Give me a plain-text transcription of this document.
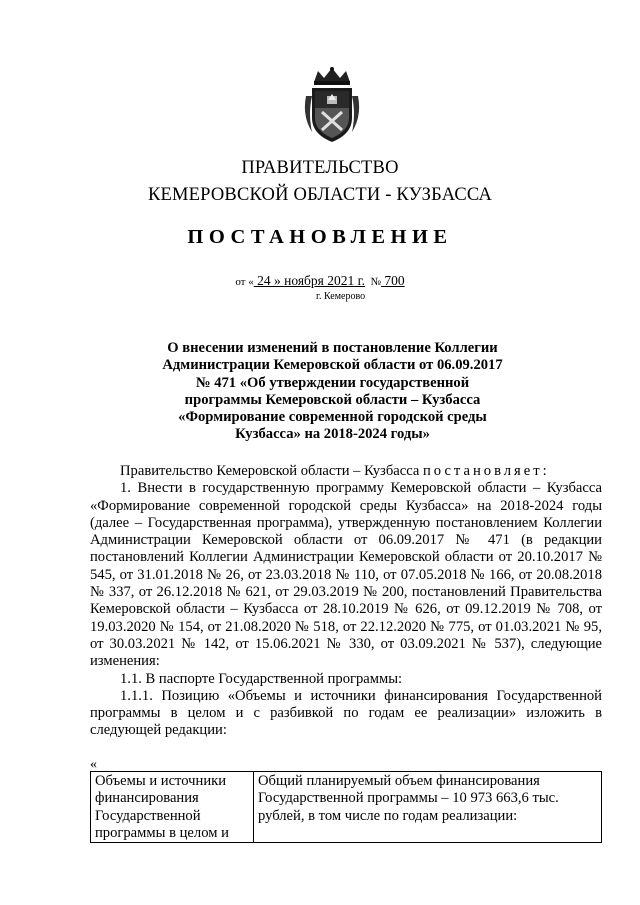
ПРАВИТЕЛЬСТВО
КЕМЕРОВСКОЙ ОБЛАСТИ - КУЗБАССА
ПОСТАНОВЛЕНИЕ
от « 24 » ноября 2021 г. № 700
г. Кемерово
О внесении изменений в постановление Коллегии Администрации Кемеровской области от 06.09.2017 № 471 «Об утверждении государственной программы Кемеровской области – Кузбасса «Формирование современной городской среды Кузбасса» на 2018-2024 годы»

Правительство Кемеровской области – Кузбасса постановляет:

1. Внести в государственную программу Кемеровской области – Кузбасса «Формирование современной городской среды Кузбасса» на 2018-2024 годы (далее – Государственная программа), утвержденную постановлением Коллегии Администрации Кемеровской области от 06.09.2017 № 471 (в редакции постановлений Коллегии Администрации Кемеровской области от 20.10.2017 № 545, от 31.01.2018 № 26, от 23.03.2018 № 110, от 07.05.2018 № 166, от 20.08.2018 № 337, от 26.12.2018 № 621, от 29.03.2019 № 200, постановлений Правительства Кемеровской области – Кузбасса от 28.10.2019 № 626, от 09.12.2019 № 708, от 19.03.2020 № 154, от 21.08.2020 № 518, от 22.12.2020 № 775, от 01.03.2021 № 95, от 30.03.2021 № 142, от 15.06.2021 № 330, от 03.09.2021 № 537), следующие изменения:

1.1. В паспорте Государственной программы:

1.1.1. Позицию «Объемы и источники финансирования Государственной программы в целом и с разбивкой по годам ее реализации» изложить в следующей редакции:

«
Объемы и источники финансирования Государственной программы в целом и	Общий планируемый объем финансирования Государственной программы – 10 973 663,6 тыс. рублей, в том числе по годам реализации:
